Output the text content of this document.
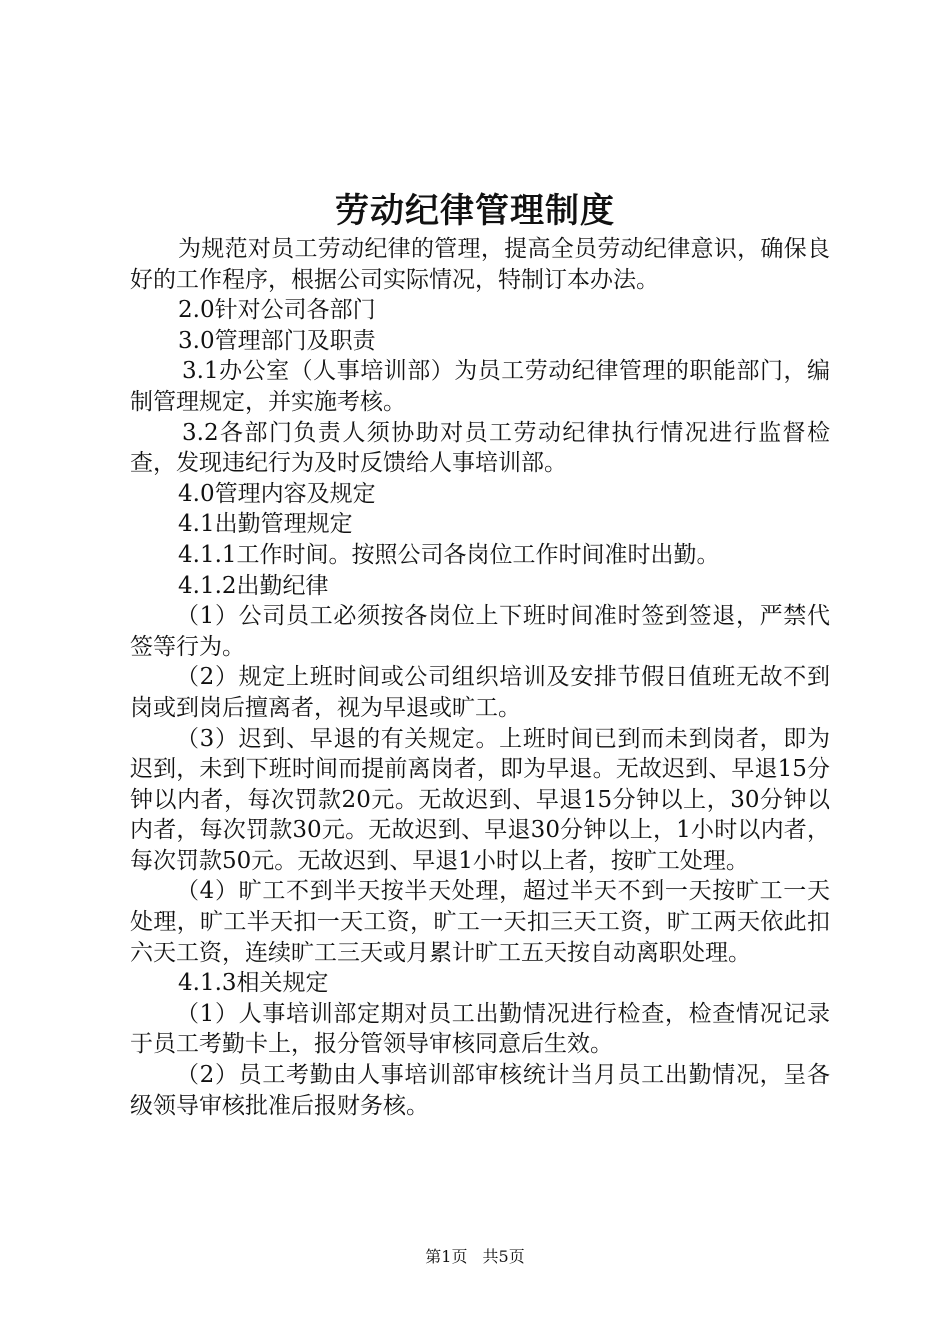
劳动纪律管理制度

为规范对员工劳动纪律的管理，提高全员劳动纪律意识，确保良好的工作程序，根据公司实际情况，特制订本办法。

2.0针对公司各部门

3.0管理部门及职责

3.1办公室（人事培训部）为员工劳动纪律管理的职能部门，编制管理规定，并实施考核。

3.2各部门负责人须协助对员工劳动纪律执行情况进行监督检查，发现违纪行为及时反馈给人事培训部。

4.0管理内容及规定

4.1出勤管理规定

4.1.1工作时间。按照公司各岗位工作时间准时出勤。

4.1.2出勤纪律

（1）公司员工必须按各岗位上下班时间准时签到签退，严禁代签等行为。

（2）规定上班时间或公司组织培训及安排节假日值班无故不到岗或到岗后擅离者，视为早退或旷工。

（3）迟到、早退的有关规定。上班时间已到而未到岗者，即为迟到，未到下班时间而提前离岗者，即为早退。无故迟到、早退15分钟以内者，每次罚款20元。无故迟到、早退15分钟以上，30分钟以内者，每次罚款30元。无故迟到、早退30分钟以上，1小时以内者，每次罚款50元。无故迟到、早退1小时以上者，按旷工处理。

（4）旷工不到半天按半天处理，超过半天不到一天按旷工一天处理，旷工半天扣一天工资，旷工一天扣三天工资，旷工两天依此扣六天工资，连续旷工三天或月累计旷工五天按自动离职处理。

4.1.3相关规定

（1）人事培训部定期对员工出勤情况进行检查，检查情况记录于员工考勤卡上，报分管领导审核同意后生效。

（2）员工考勤由人事培训部审核统计当月员工出勤情况，呈各级领导审核批准后报财务核。

第1页 共5页
